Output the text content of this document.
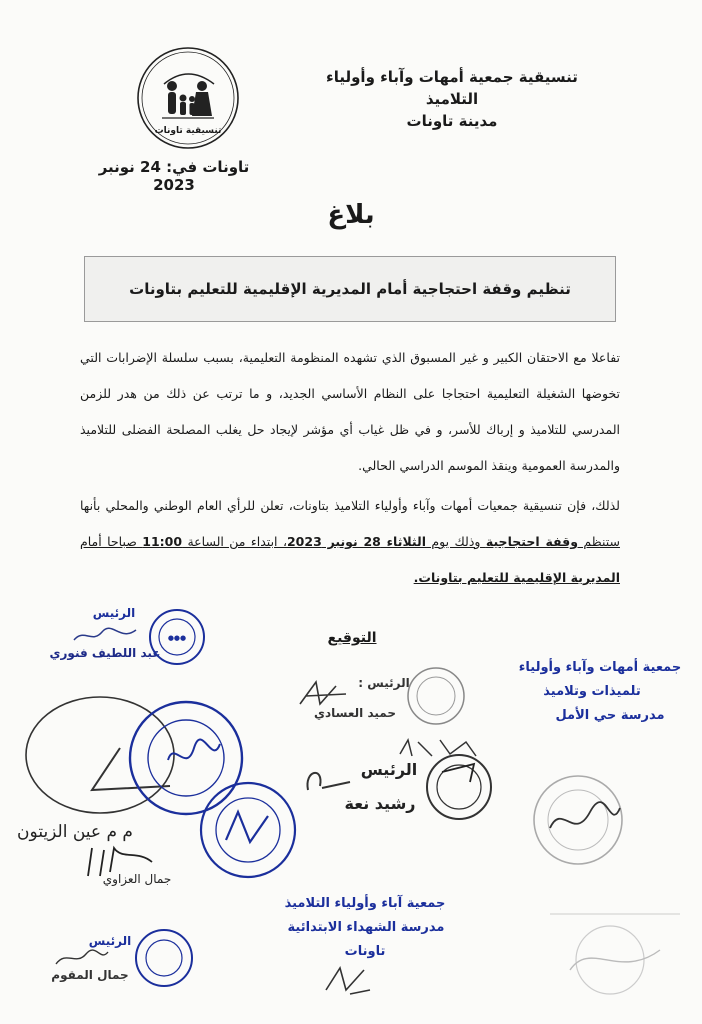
تنسيقية تاونات
تنسيقية جمعية أمهات وآباء وأولياء التلاميذ
مدينة تاونات
تاونات في: 24 نونبر 2023
بلاغ
تنظيم وقفة احتجاجية أمام المديرية الإقليمية للتعليم بتاونات

تفاعلا مع الاحتقان الكبير و غير المسبوق الذي تشهده المنظومة التعليمية، بسبب سلسلة الإضرابات التي تخوضها الشغيلة التعليمية احتجاجا على النظام الأساسي الجديد، و ما ترتب عن ذلك من هدر للزمن المدرسي للتلاميذ و إرباك للأسر، و في ظل غياب أي مؤشر لإيجاد حل يغلب المصلحة الفضلى للتلاميذ والمدرسة العمومية وينقذ الموسم الدراسي الحالي.

لذلك، فإن تنسيقية جمعيات أمهات وآباء وأولياء التلاميذ بتاونات، تعلن للرأي العام الوطني والمحلي بأنها ستنظم وقفة احتجاجية وذلك يوم الثلاثاء 28 نونبر 2023، ابتداء من الساعة 11:00 صباحا أمام المديرية الإقليمية للتعليم بتاونات.

التوقيع
الرئيس
عبد اللطيف فنوري
●●●
الرئيس :
حميد العسادي
جمعية أمهات وآباء وأولياء
تلميذات وتلاميذ
مدرسة حي الأمل
الرئيس
رشيد نعة
م م عين الزيتون
جمال العزاوي
جمعية آباء وأولياء التلاميذ
مدرسة الشهداء الابتدائية
تاونات
الرئيس
جمال المقوم
